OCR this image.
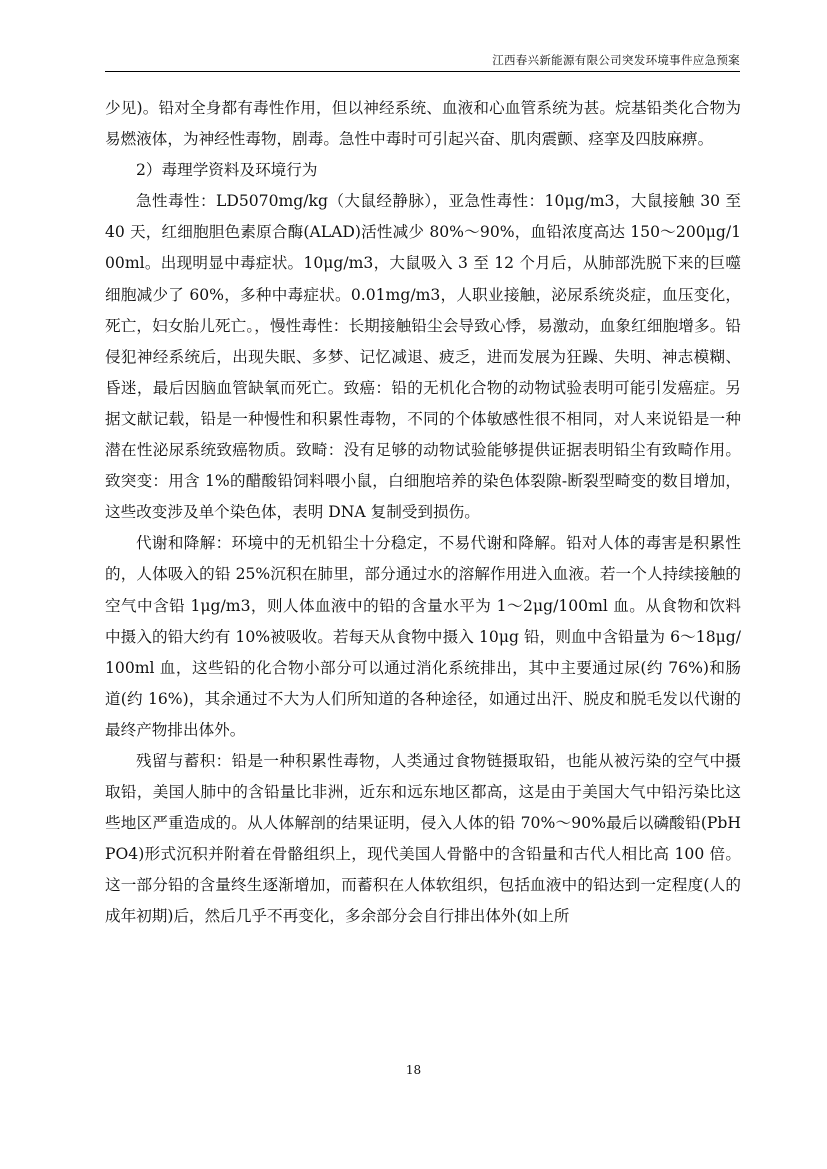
江西春兴新能源有限公司突发环境事件应急预案

少见)。铅对全身都有毒性作用，但以神经系统、血液和心血管系统为甚。烷基铅类化合物为易燃液体，为神经性毒物，剧毒。急性中毒时可引起兴奋、肌肉震颤、痉挛及四肢麻痹。

2）毒理学资料及环境行为

急性毒性：LD5070mg/kg（大鼠经静脉），亚急性毒性：10μg/m3，大鼠接触 30 至 40 天，红细胞胆色素原合酶(ALAD)活性减少 80%～90%，血铅浓度高达 150～200μg/100ml。出现明显中毒症状。10μg/m3，大鼠吸入 3 至 12 个月后，从肺部洗脱下来的巨噬细胞减少了 60%，多种中毒症状。0.01mg/m3，人职业接触，泌尿系统炎症，血压变化，死亡，妇女胎儿死亡。，慢性毒性：长期接触铅尘会导致心悸，易激动，血象红细胞增多。铅侵犯神经系统后，出现失眠、多梦、记忆减退、疲乏，进而发展为狂躁、失明、神志模糊、昏迷，最后因脑血管缺氧而死亡。致癌：铅的无机化合物的动物试验表明可能引发癌症。另据文献记载，铅是一种慢性和积累性毒物，不同的个体敏感性很不相同，对人来说铅是一种潜在性泌尿系统致癌物质。致畸：没有足够的动物试验能够提供证据表明铅尘有致畸作用。致突变：用含 1%的醋酸铅饲料喂小鼠，白细胞培养的染色体裂隙-断裂型畸变的数目增加，这些改变涉及单个染色体，表明 DNA 复制受到损伤。

代谢和降解：环境中的无机铅尘十分稳定，不易代谢和降解。铅对人体的毒害是积累性的，人体吸入的铅 25%沉积在肺里，部分通过水的溶解作用进入血液。若一个人持续接触的空气中含铅 1μg/m3，则人体血液中的铅的含量水平为 1～2μg/100ml 血。从食物和饮料中摄入的铅大约有 10%被吸收。若每天从食物中摄入 10μg 铅，则血中含铅量为 6～18μg/100ml 血，这些铅的化合物小部分可以通过消化系统排出，其中主要通过尿(约 76%)和肠道(约 16%)，其余通过不大为人们所知道的各种途径，如通过出汗、脱皮和脱毛发以代谢的最终产物排出体外。

残留与蓄积：铅是一种积累性毒物，人类通过食物链摄取铅，也能从被污染的空气中摄取铅，美国人肺中的含铅量比非洲，近东和远东地区都高，这是由于美国大气中铅污染比这些地区严重造成的。从人体解剖的结果证明，侵入人体的铅 70%～90%最后以磷酸铅(PbHPO4)形式沉积并附着在骨骼组织上，现代美国人骨骼中的含铅量和古代人相比高 100 倍。这一部分铅的含量终生逐渐增加，而蓄积在人体软组织，包括血液中的铅达到一定程度(人的成年初期)后，然后几乎不再变化，多余部分会自行排出体外(如上所

18
